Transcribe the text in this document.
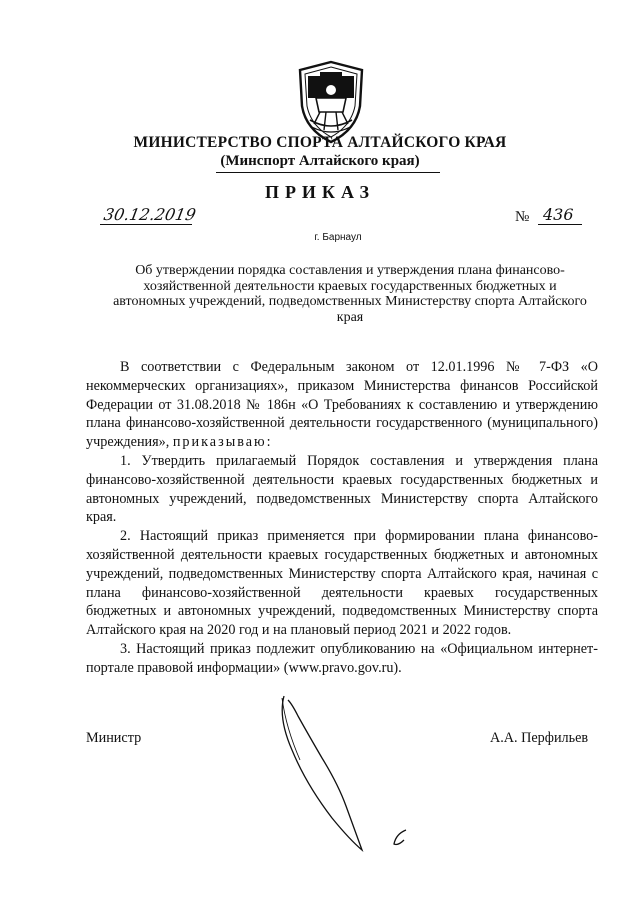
МИНИСТЕРСТВО СПОРТА АЛТАЙСКОГО КРАЯ
(Минспорт Алтайского края)
ПРИКАЗ
30.12.2019	№ 436
г. Барнаул
Об утверждении порядка составления и утверждения плана финансово-хозяйственной деятельности краевых государственных бюджетных и автономных учреждений, подведомственных Министерству спорта Алтайского края

В соответствии с Федеральным законом от 12.01.1996 № 7-ФЗ «О некоммерческих организациях», приказом Министерства финансов Российской Федерации от 31.08.2018 № 186н «О Требованиях к составлению и утверждению плана финансово-хозяйственной деятельности государственного (муниципального) учреждения», приказываю:

1. Утвердить прилагаемый Порядок составления и утверждения плана финансово-хозяйственной деятельности краевых государственных бюджетных и автономных учреждений, подведомственных Министерству спорта Алтайского края.

2. Настоящий приказ применяется при формировании плана финансово-хозяйственной деятельности краевых государственных бюджетных и автономных учреждений, подведомственных Министерству спорта Алтайского края, начиная с плана финансово-хозяйственной деятельности краевых государственных бюджетных и автономных учреждений, подведомственных Министерству спорта Алтайского края на 2020 год и на плановый период 2021 и 2022 годов.

3. Настоящий приказ подлежит опубликованию на «Официальном интернет-портале правовой информации» (www.pravo.gov.ru).

Министр	А.А. Перфильев
